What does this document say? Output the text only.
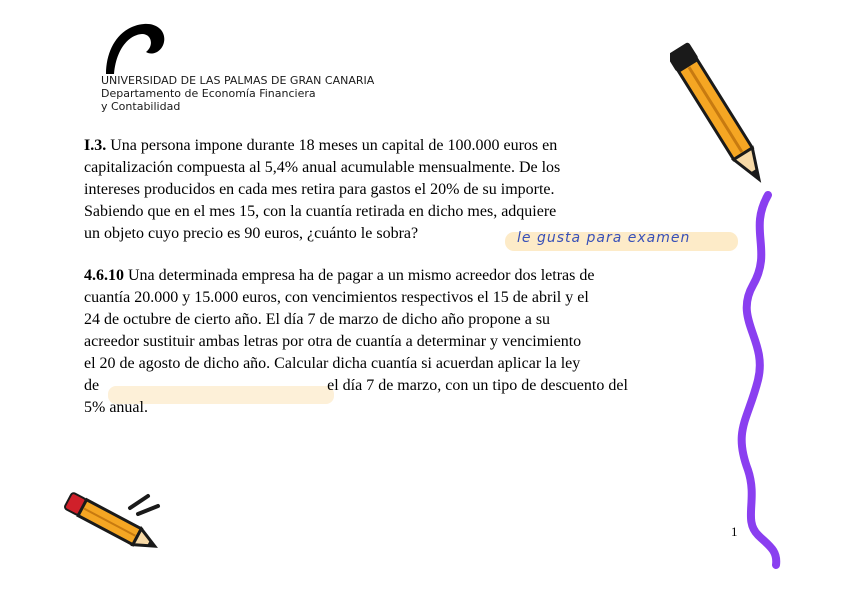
UNIVERSIDAD DE LAS PALMAS DE GRAN CANARIA
Departamento de Economía Financiera
y Contabilidad
I.3. Una persona impone durante 18 meses un capital de 100.000 euros en
capitalización compuesta al 5,4% anual acumulable mensualmente. De los
intereses producidos en cada mes retira para gastos el 20% de su importe.
Sabiendo que en el mes 15, con la cuantía retirada en dicho mes, adquiere
un objeto cuyo precio es 90 euros, ¿cuánto le sobra?	le gusta para examen
4.6.10 Una determinada empresa ha de pagar a un mismo acreedor dos letras de
cuantía 20.000 y 15.000 euros, con vencimientos respectivos el 15 de abril y el
24 de octubre de cierto año. El día 7 de marzo de dicho año propone a su
acreedor sustituir ambas letras por otra de cuantía a determinar y vencimiento
el 20 de agosto de dicho año. Calcular dicha cuantía si acuerdan aplicar la ley
de	el día 7 de marzo, con un tipo de descuento del
5% anual.
1
